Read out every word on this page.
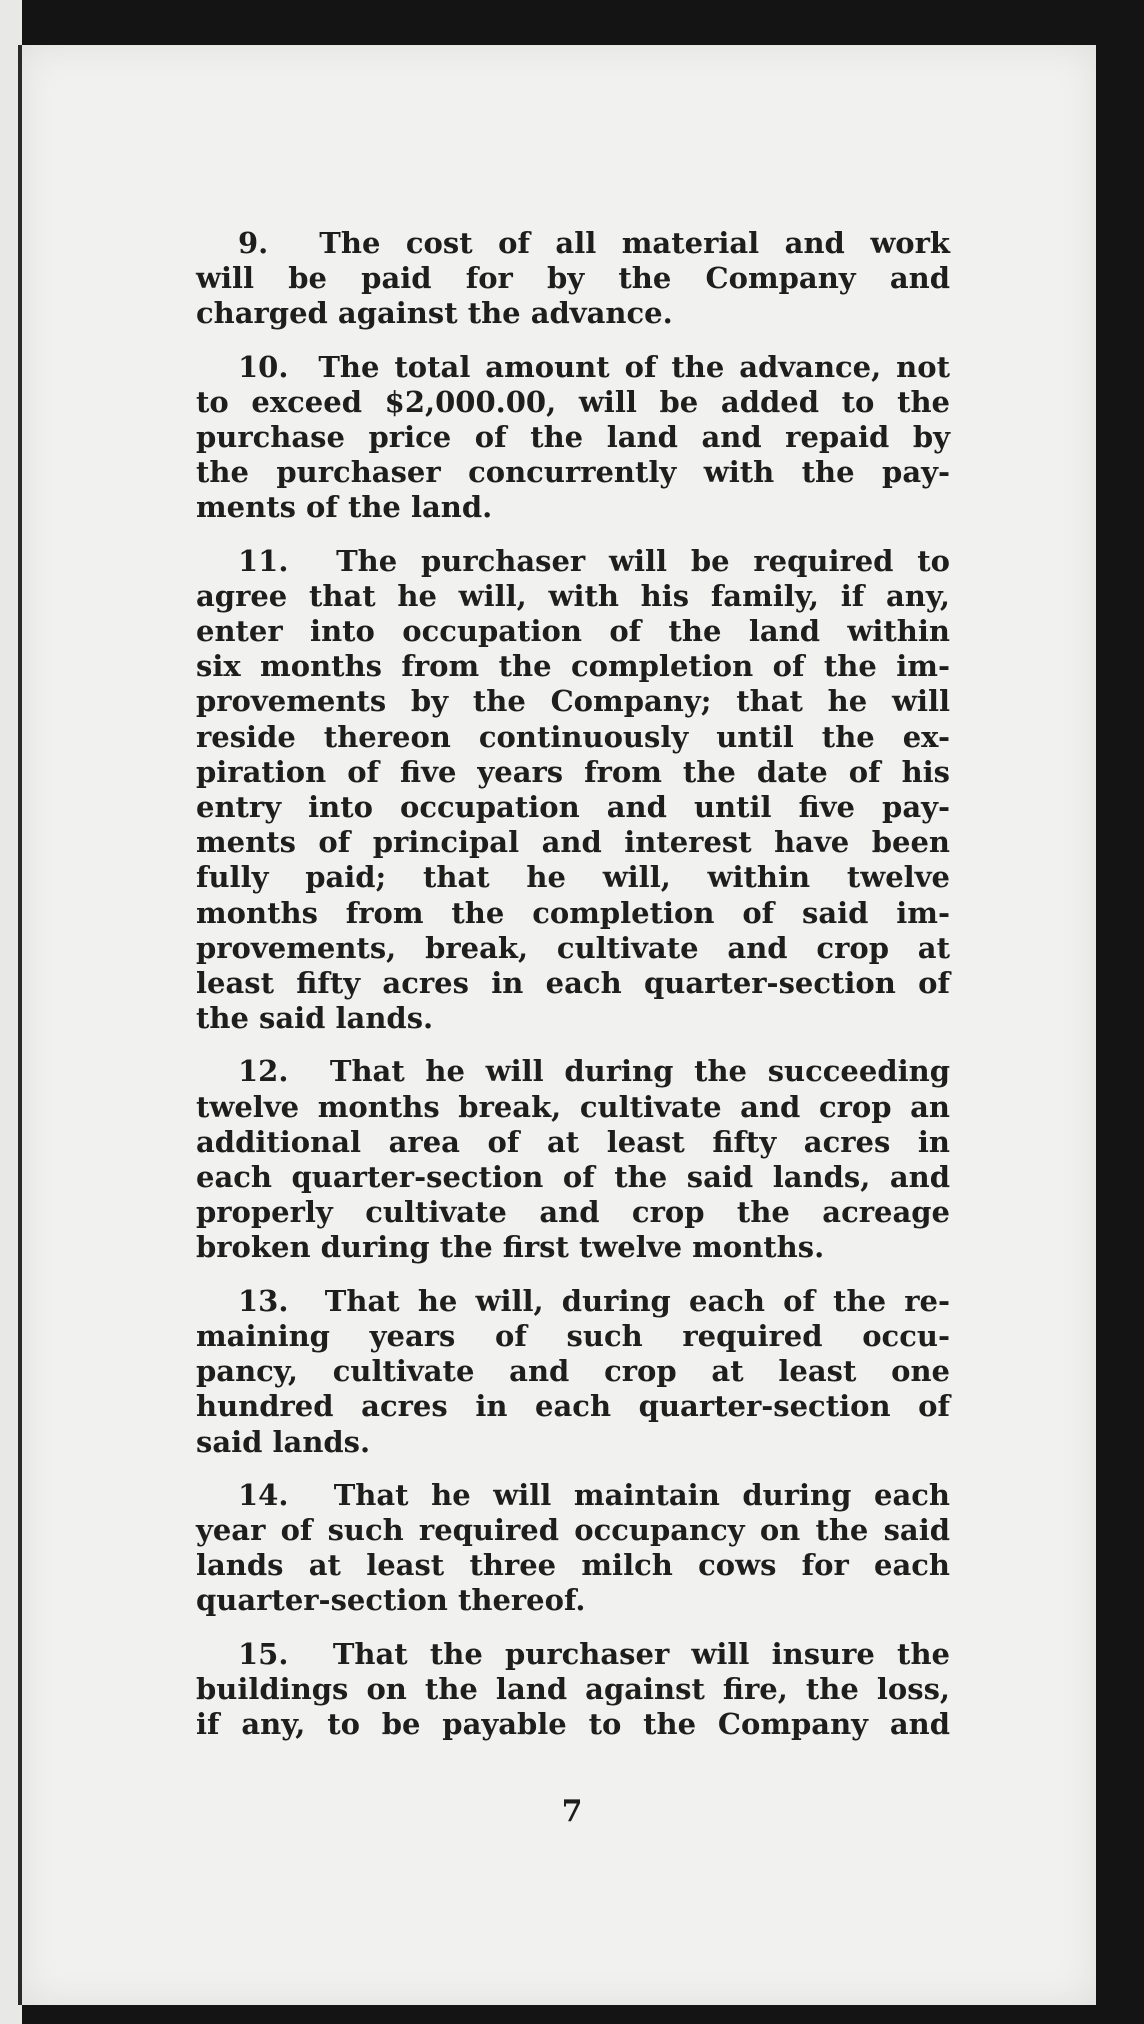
9. The cost of all material and work
will be paid for by the Company and
charged against the advance.
10. The total amount of the advance, not
to exceed $2,000.00, will be added to the
purchase price of the land and repaid by
the purchaser concurrently with the pay-
ments of the land.
11. The purchaser will be required to
agree that he will, with his family, if any,
enter into occupation of the land within
six months from the completion of the im-
provements by the Company; that he will
reside thereon continuously until the ex-
piration of five years from the date of his
entry into occupation and until five pay-
ments of principal and interest have been
fully paid; that he will, within twelve
months from the completion of said im-
provements, break, cultivate and crop at
least fifty acres in each quarter-section of
the said lands.
12. That he will during the succeeding
twelve months break, cultivate and crop an
additional area of at least fifty acres in
each quarter-section of the said lands, and
properly cultivate and crop the acreage
broken during the first twelve months.
13. That he will, during each of the re-
maining years of such required occu-
pancy, cultivate and crop at least one
hundred acres in each quarter-section of
said lands.
14. That he will maintain during each
year of such required occupancy on the said
lands at least three milch cows for each
quarter-section thereof.
15. That the purchaser will insure the
buildings on the land against fire, the loss,
if any, to be payable to the Company and
7
